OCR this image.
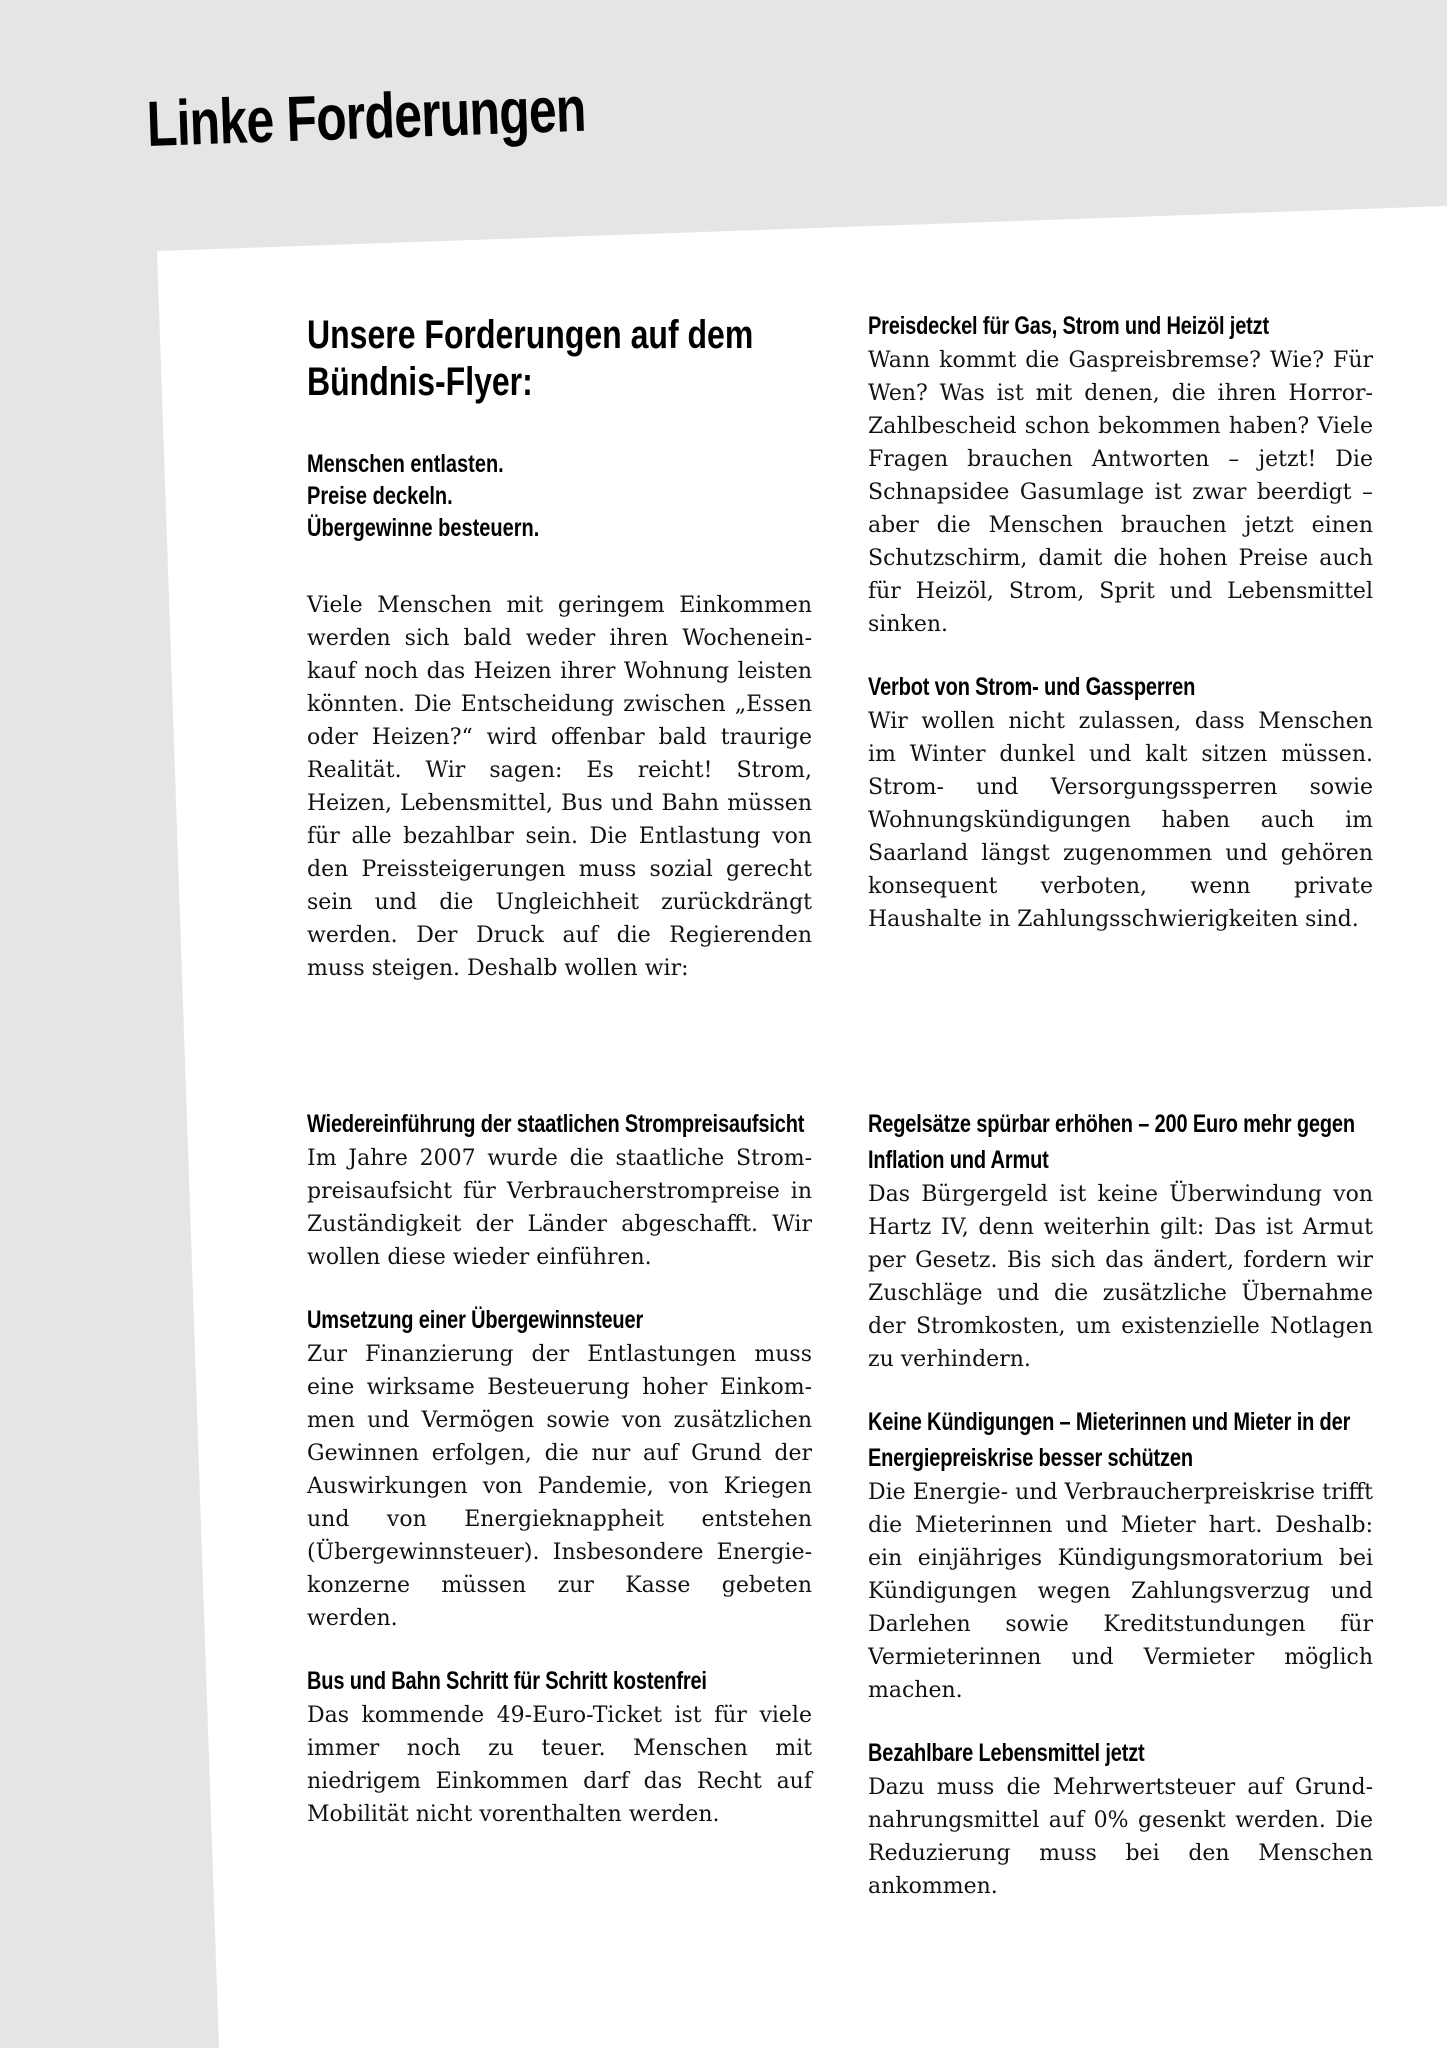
Linke Forderungen
Unsere Forderungen auf dem Bündnis-Flyer:
Menschen entlasten.
Preise deckeln.
Übergewinne besteuern.

Viele Menschen mit geringem Einkommen werden sich bald weder ihren Wocheneinkauf noch das Heizen ihrer Wohnung leisten könnten. Die Entscheidung zwischen „Essen oder Heizen?“ wird offenbar bald traurige Realität. Wir sagen: Es reicht! Strom, Heizen, Lebensmittel, Bus und Bahn müssen für alle bezahlbar sein. Die Entlastung von den Preissteigerungen muss sozial gerecht sein und die Ungleichheit zurückdrängt werden. Der Druck auf die Regierenden muss steigen. Deshalb wollen wir:

Preisdeckel für Gas, Strom und Heizöl jetzt

Wann kommt die Gaspreisbremse? Wie? Für Wen? Was ist mit denen, die ihren Horror-Zahlbescheid schon bekommen haben? Viele Fragen brauchen Antworten – jetzt! Die Schnapsidee Gasumlage ist zwar beerdigt – aber die Menschen brauchen jetzt einen Schutzschirm, damit die hohen Preise auch für Heizöl, Strom, Sprit und Lebensmittel sinken.

Verbot von Strom- und Gassperren

Wir wollen nicht zulassen, dass Menschen im Winter dunkel und kalt sitzen müssen. Strom- und Versorgungssperren sowie Wohnungskündigungen haben auch im Saarland längst zugenommen und gehören konsequent verboten, wenn private Haushalte in Zahlungsschwierigkeiten sind.

Wiedereinführung der staatlichen Strompreisaufsicht

Im Jahre 2007 wurde die staatliche Strompreisaufsicht für Verbraucherstrompreise in Zuständigkeit der Länder abgeschafft. Wir wollen diese wieder einführen.

Umsetzung einer Übergewinnsteuer

Zur Finanzierung der Entlastungen muss eine wirksame Besteuerung hoher Einkommen und Vermögen sowie von zusätzlichen Gewinnen erfolgen, die nur auf Grund der Auswirkungen von Pandemie, von Kriegen und von Energieknappheit entstehen (Übergewinnsteuer). Insbesondere Energiekonzerne müssen zur Kasse gebeten werden.

Bus und Bahn Schritt für Schritt kostenfrei

Das kommende 49-Euro-Ticket ist für viele immer noch zu teuer. Menschen mit niedrigem Einkommen darf das Recht auf Mobilität nicht vorenthalten werden.

Regelsätze spürbar erhöhen – 200 Euro mehr gegen Inflation und Armut

Das Bürgergeld ist keine Überwindung von Hartz IV, denn weiterhin gilt: Das ist Armut per Gesetz. Bis sich das ändert, fordern wir Zuschläge und die zusätzliche Übernahme der Stromkosten, um existenzielle Notlagen zu verhindern.

Keine Kündigungen – Mieterinnen und Mieter in der Energiepreiskrise besser schützen

Die Energie- und Verbraucherpreiskrise trifft die Mieterinnen und Mieter hart. Deshalb: ein einjähriges Kündigungsmoratorium bei Kündigungen wegen Zahlungsverzug und Darlehen sowie Kreditstundungen für Vermieterinnen und Vermieter möglich machen.

Bezahlbare Lebensmittel jetzt

Dazu muss die Mehrwertsteuer auf Grundnahrungsmittel auf 0% gesenkt werden. Die Reduzierung muss bei den Menschen ankommen.
